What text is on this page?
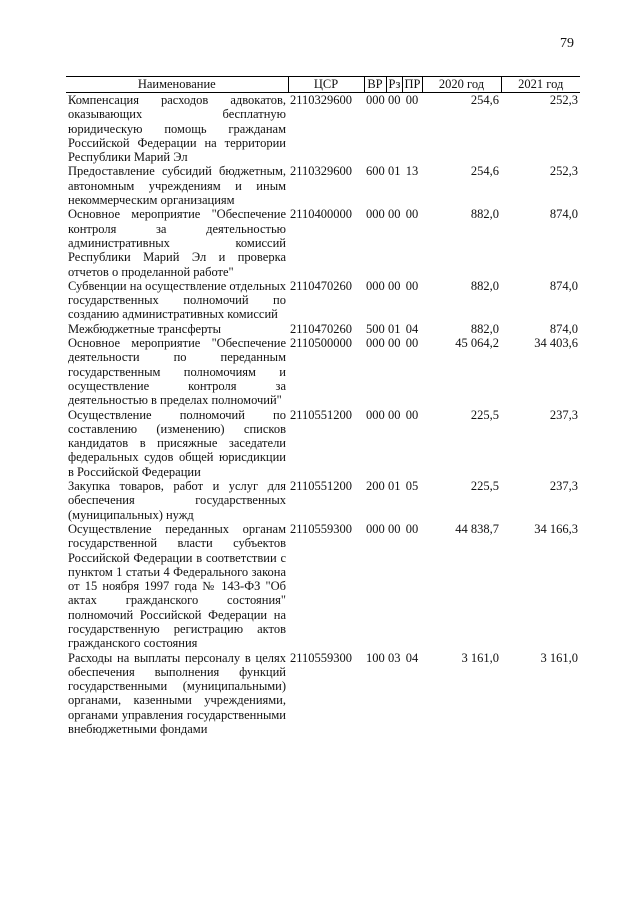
79
Наименование	ЦСР	ВР	Рз	ПР	2020 год	2021 год
Компенсация расходов адвокатов, оказывающих бесплатную юридическую помощь гражданам Российской Федерации на территории Республики Марий Эл	2110329600	000	00	00	254,6	252,3
Предоставление субсидий бюджетным, автономным учреждениям и иным некоммерческим организациям	2110329600	600	01	13	254,6	252,3
Основное мероприятие "Обеспечение контроля за деятельностью административных комиссий Республики Марий Эл и проверка отчетов о проделанной работе"	2110400000	000	00	00	882,0	874,0
Субвенции на осуществление отдельных государственных полномочий по созданию административных комиссий	2110470260	000	00	00	882,0	874,0
Межбюджетные трансферты	2110470260	500	01	04	882,0	874,0
Основное мероприятие "Обеспечение деятельности по переданным государственным полномочиям и осуществление контроля за деятельностью в пределах полномочий"	2110500000	000	00	00	45 064,2	34 403,6
Осуществление полномочий по составлению (изменению) списков кандидатов в присяжные заседатели федеральных судов общей юрисдикции в Российской Федерации	2110551200	000	00	00	225,5	237,3
Закупка товаров, работ и услуг для обеспечения государственных (муниципальных) нужд	2110551200	200	01	05	225,5	237,3
Осуществление переданных органам государственной власти субъектов Российской Федерации в соответствии с пунктом 1 статьи 4 Федерального закона от 15 ноября 1997 года № 143-ФЗ "Об актах гражданского состояния" полномочий Российской Федерации на государственную регистрацию актов гражданского состояния	2110559300	000	00	00	44 838,7	34 166,3
Расходы на выплаты персоналу в целях обеспечения выполнения функций государственными (муниципальными) органами, казенными учреждениями, органами управления государственными внебюджетными фондами	2110559300	100	03	04	3 161,0	3 161,0
